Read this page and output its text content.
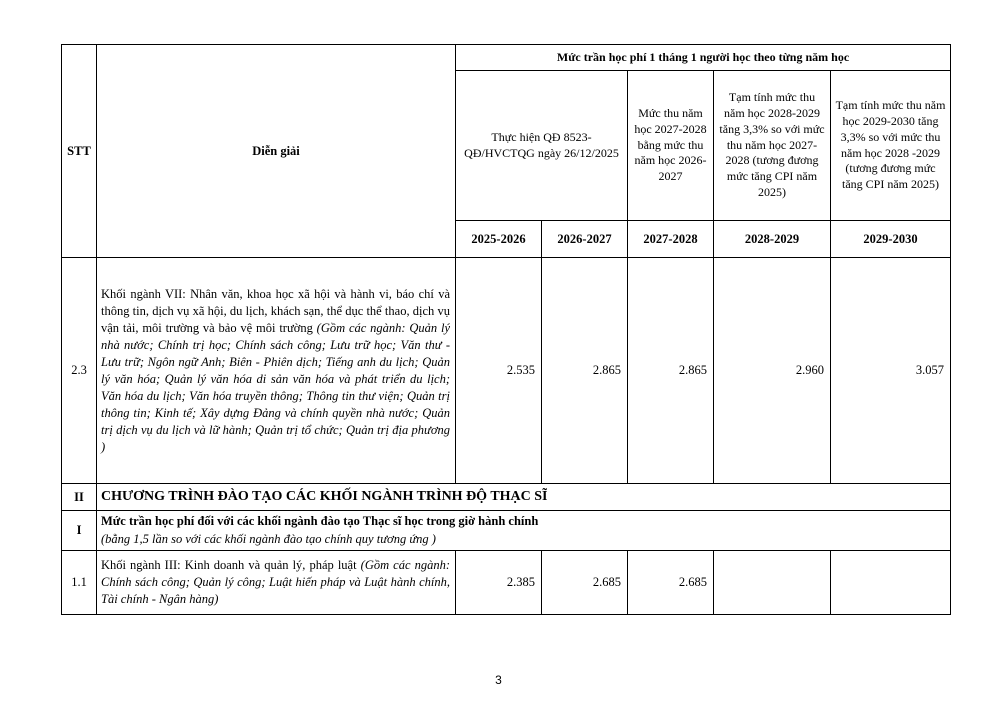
STT	Diễn giải	Mức trần học phí 1 tháng 1 người học theo từng năm học				
		Thực hiện QĐ 8523-QĐ/HVCTQG ngày 26/12/2025		Mức thu năm học 2027-2028 bằng mức thu năm học 2026-2027	Tạm tính mức thu năm học 2028-2029 tăng 3,3% so với mức thu năm học 2027-2028 (tương đương mức tăng CPI năm 2025)	Tạm tính mức thu năm học 2029-2030 tăng 3,3% so với mức thu năm học 2028 -2029 (tương đương mức tăng CPI năm 2025)
		2025-2026	2026-2027	2027-2028	2028-2029	2029-2030
2.3	Khối ngành VII: Nhân văn, khoa học xã hội và hành vi, báo chí và thông tin, dịch vụ xã hội, du lịch, khách sạn, thể dục thể thao, dịch vụ vận tải, môi trường và bảo vệ môi trường (Gồm các ngành: Quản lý nhà nước; Chính trị học; Chính sách công; Lưu trữ học; Văn thư - Lưu trữ; Ngôn ngữ Anh; Biên - Phiên dịch; Tiếng anh du lịch; Quản lý văn hóa; Quản lý văn hóa di sản văn hóa và phát triển du lịch; Văn hóa du lịch; Văn hóa truyền thông; Thông tin thư viện; Quản trị thông tin; Kinh tế; Xây dựng Đảng và chính quyền nhà nước; Quản trị dịch vụ du lịch và lữ hành; Quản trị tổ chức; Quản trị địa phương )	2.535	2.865	2.865	2.960	3.057
II	CHƯƠNG TRÌNH ĐÀO TẠO CÁC KHỐI NGÀNH TRÌNH ĐỘ THẠC SĨ					
I	Mức trần học phí đối với các khối ngành đào tạo Thạc sĩ học trong giờ hành chính
(bằng 1,5 lần so với các khối ngành đào tạo chính quy tương ứng )					
1.1	Khối ngành III: Kinh doanh và quản lý, pháp luật (Gồm các ngành: Chính sách công; Quản lý công; Luật hiến pháp và Luật hành chính, Tài chính - Ngân hàng)	2.385	2.685	2.685		
3
